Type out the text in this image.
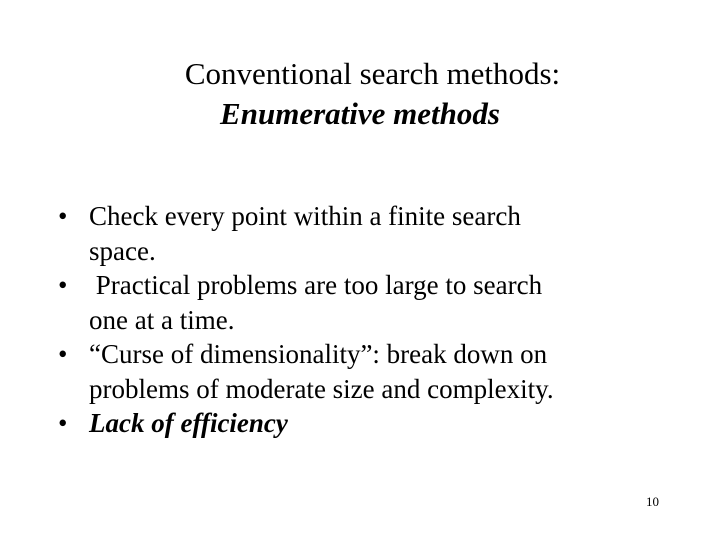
Conventional search methods:
Enumerative methods
• Check every point within a finite search
space.
• Practical problems are too large to search
one at a time.
• “Curse of dimensionality”: break down on
problems of moderate size and complexity.
• Lack of efficiency
10
